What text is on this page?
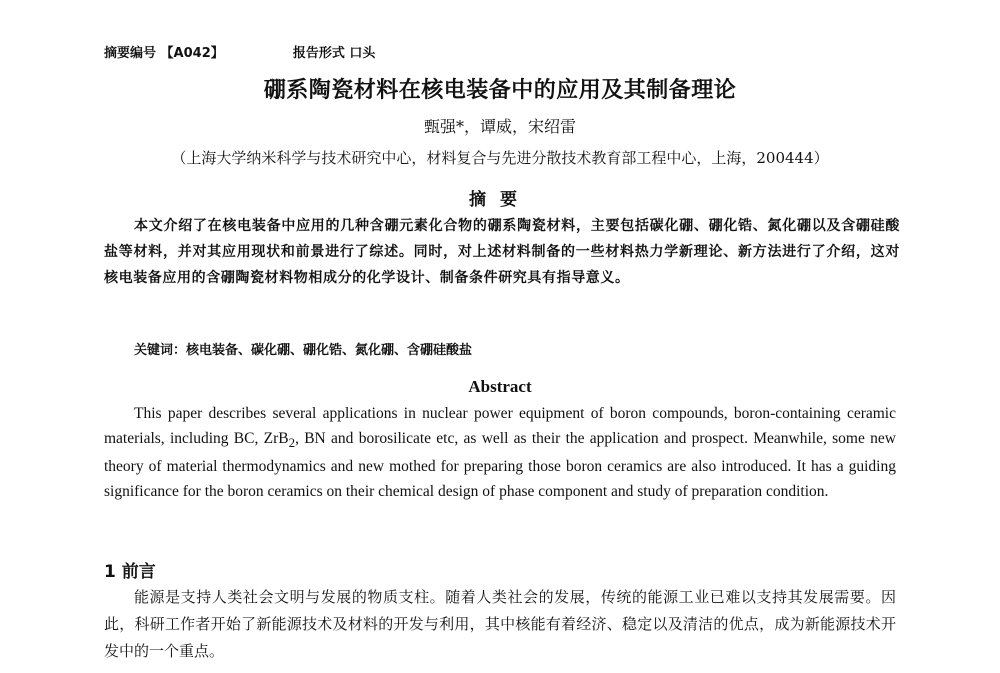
摘要编号 【A042】	报告形式 口头
硼系陶瓷材料在核电装备中的应用及其制备理论
甄强*，谭威，宋绍雷
（上海大学纳米科学与技术研究中心，材料复合与先进分散技术教育部工程中心，上海，200444）
摘要
本文介绍了在核电装备中应用的几种含硼元素化合物的硼系陶瓷材料，主要包括碳化硼、硼化锆、氮化硼以及含硼硅酸盐等材料，并对其应用现状和前景进行了综述。同时，对上述材料制备的一些材料热力学新理论、新方法进行了介绍，这对核电装备应用的含硼陶瓷材料物相成分的化学设计、制备条件研究具有指导意义。
关键词：核电装备、碳化硼、硼化锆、氮化硼、含硼硅酸盐
Abstract
This paper describes several applications in nuclear power equipment of boron compounds, boron-containing ceramic materials, including BC, ZrB$_2$, BN and borosilicate etc, as well as their the application and prospect. Meanwhile, some new theory of material thermodynamics and new mothed for preparing those boron ceramics are also introduced. It has a guiding significance for the boron ceramics on their chemical design of phase component and study of preparation condition.
1 前言
能源是支持人类社会文明与发展的物质支柱。随着人类社会的发展，传统的能源工业已难以支持其发展需要。因此，科研工作者开始了新能源技术及材料的开发与利用，其中核能有着经济、稳定以及清洁的优点，成为新能源技术开发中的一个重点。
